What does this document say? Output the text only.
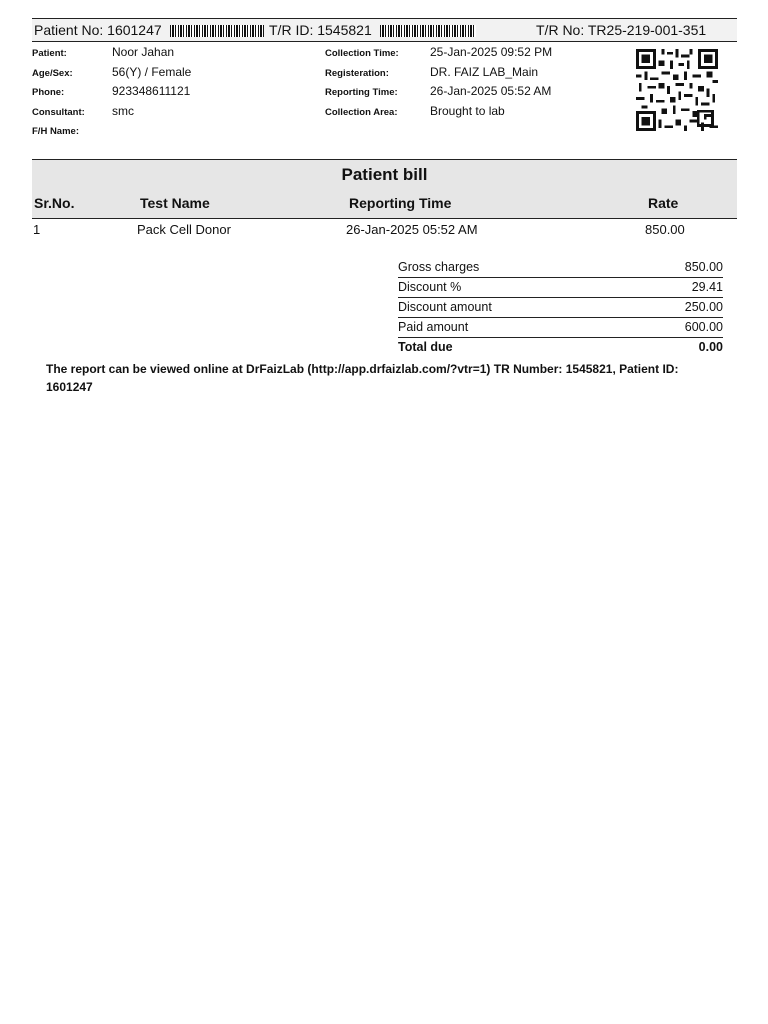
Patient No: 1601247	T/R ID: 1545821	T/R No: TR25-219-001-351
Patient:	Noor Jahan
Age/Sex:	56(Y) / Female
Phone:	923348611121
Consultant: smc
F/H Name:
Collection Time:	25-Jan-2025 09:52 PM
Registeration:	DR. FAIZ LAB_Main
Reporting Time:	26-Jan-2025 05:52 AM
Collection Area:	Brought to lab
Patient bill
Sr.No.	Test Name	Reporting Time	Rate
1	Pack Cell Donor	26-Jan-2025 05:52 AM	850.00
Gross charges	850.00
Discount %	29.41
Discount amount	250.00
Paid amount	600.00
Total due	0.00
The report can be viewed online at DrFaizLab (http://app.drfaizlab.com/?vtr=1) TR Number: 1545821, Patient ID: 1601247
